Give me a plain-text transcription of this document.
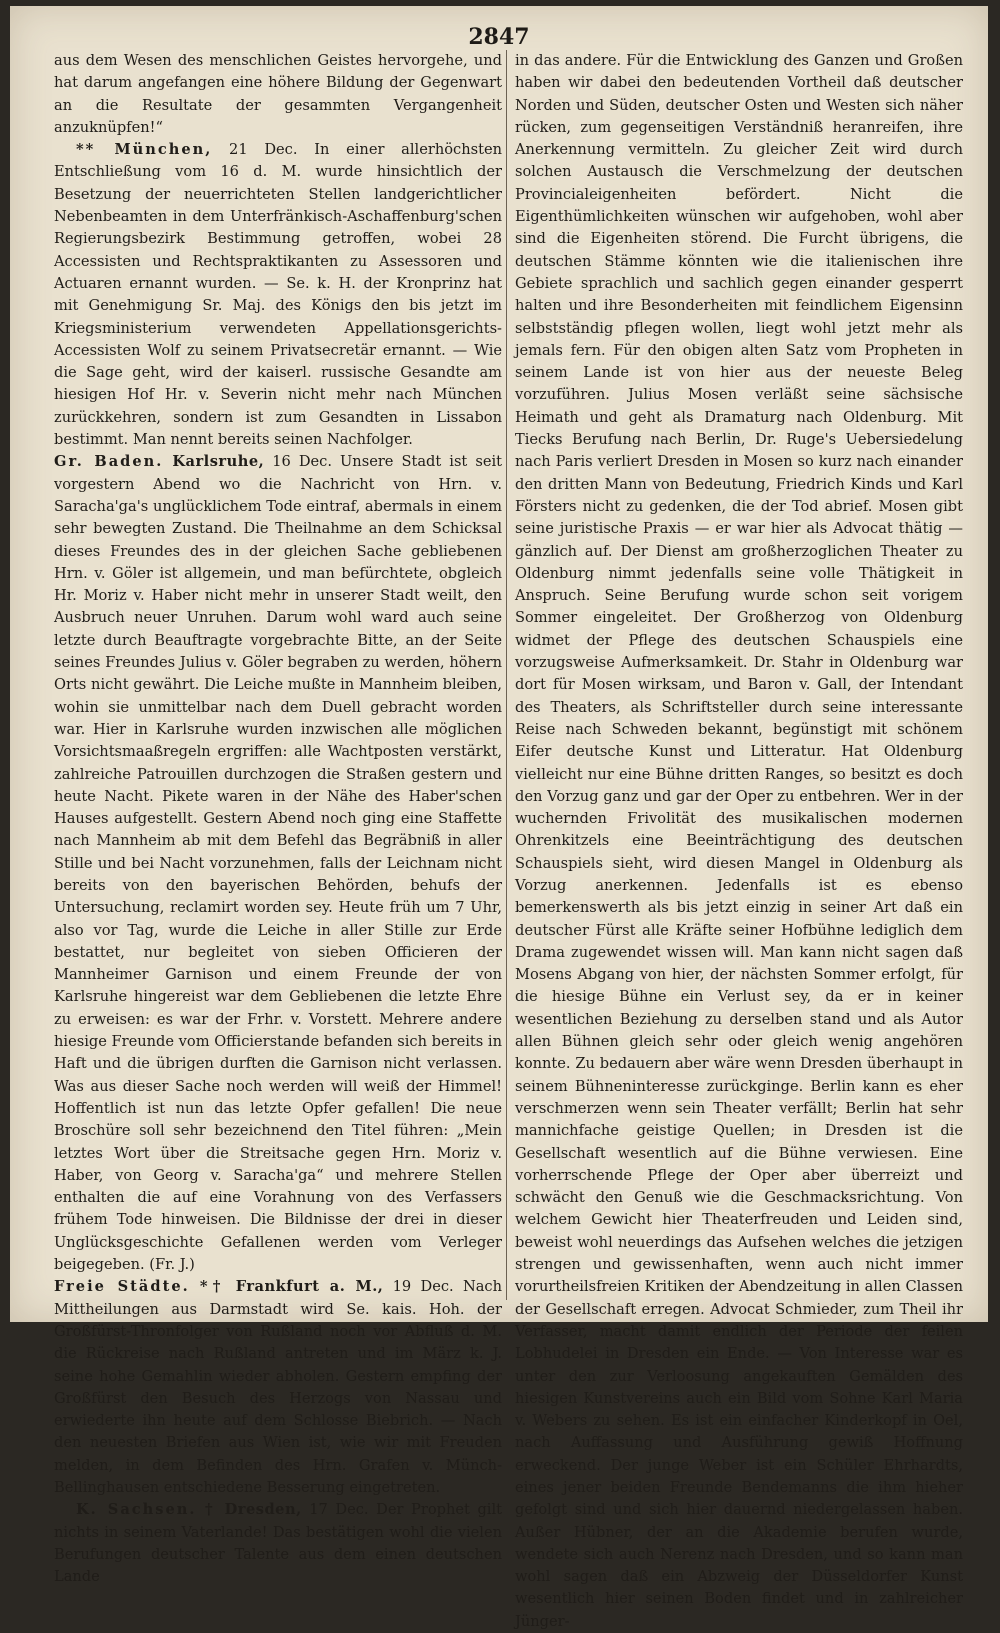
2847

aus dem Wesen des menschlichen Geistes hervorgehe, und hat darum angefangen eine höhere Bildung der Gegenwart an die Resultate der gesammten Vergangenheit anzuknüpfen!“

** München, 21 Dec. In einer allerhöchsten Entschließung vom 16 d. M. wurde hinsichtlich der Besetzung der neuerrichteten Stellen landgerichtlicher Nebenbeamten in dem Unterfränkisch-Aschaffenburg'schen Regierungsbezirk Bestimmung getroffen, wobei 28 Accessisten und Rechtspraktikanten zu Assessoren und Actuaren ernannt wurden. — Se. k. H. der Kronprinz hat mit Genehmigung Sr. Maj. des Königs den bis jetzt im Kriegsministerium verwendeten Appellationsgerichts-Accessisten Wolf zu seinem Privatsecretär ernannt. — Wie die Sage geht, wird der kaiserl. russische Gesandte am hiesigen Hof Hr. v. Severin nicht mehr nach München zurückkehren, sondern ist zum Gesandten in Lissabon bestimmt. Man nennt bereits seinen Nachfolger.

Gr. Baden. Karlsruhe, 16 Dec. Unsere Stadt ist seit vorgestern Abend wo die Nachricht von Hrn. v. Saracha'ga's unglücklichem Tode eintraf, abermals in einem sehr bewegten Zustand. Die Theilnahme an dem Schicksal dieses Freundes des in der gleichen Sache gebliebenen Hrn. v. Göler ist allgemein, und man befürchtete, obgleich Hr. Moriz v. Haber nicht mehr in unserer Stadt weilt, den Ausbruch neuer Unruhen. Darum wohl ward auch seine letzte durch Beauftragte vorgebrachte Bitte, an der Seite seines Freundes Julius v. Göler begraben zu werden, höhern Orts nicht gewährt. Die Leiche mußte in Mannheim bleiben, wohin sie unmittelbar nach dem Duell gebracht worden war. Hier in Karlsruhe wurden inzwischen alle möglichen Vorsichtsmaaßregeln ergriffen: alle Wachtposten verstärkt, zahlreiche Patrouillen durchzogen die Straßen gestern und heute Nacht. Pikete waren in der Nähe des Haber'schen Hauses aufgestellt. Gestern Abend noch ging eine Staffette nach Mannheim ab mit dem Befehl das Begräbniß in aller Stille und bei Nacht vorzunehmen, falls der Leichnam nicht bereits von den bayerischen Behörden, behufs der Untersuchung, reclamirt worden sey. Heute früh um 7 Uhr, also vor Tag, wurde die Leiche in aller Stille zur Erde bestattet, nur begleitet von sieben Officieren der Mannheimer Garnison und einem Freunde der von Karlsruhe hingereist war dem Gebliebenen die letzte Ehre zu erweisen: es war der Frhr. v. Vorstett. Mehrere andere hiesige Freunde vom Officierstande befanden sich bereits in Haft und die übrigen durften die Garnison nicht verlassen. Was aus dieser Sache noch werden will weiß der Himmel! Hoffentlich ist nun das letzte Opfer gefallen! Die neue Broschüre soll sehr bezeichnend den Titel führen: „Mein letztes Wort über die Streitsache gegen Hrn. Moriz v. Haber, von Georg v. Saracha'ga“ und mehrere Stellen enthalten die auf eine Vorahnung von des Verfassers frühem Tode hinweisen. Die Bildnisse der drei in dieser Unglücksgeschichte Gefallenen werden vom Verleger beigegeben. (Fr. J.)

Freie Städte. *† Frankfurt a. M., 19 Dec. Nach Mittheilungen aus Darmstadt wird Se. kais. Hoh. der Großfürst-Thronfolger von Rußland noch vor Abfluß d. M. die Rückreise nach Rußland antreten und im März k. J. seine hohe Gemahlin wieder abholen. Gestern empfing der Großfürst den Besuch des Herzogs von Nassau und erwiederte ihn heute auf dem Schlosse Biebrich. — Nach den neuesten Briefen aus Wien ist, wie wir mit Freuden melden, in dem Befinden des Hrn. Grafen v. Münch-Bellinghausen entschiedene Besserung eingetreten.

K. Sachsen. † Dresden, 17 Dec. Der Prophet gilt nichts in seinem Vaterlande! Das bestätigen wohl die vielen Berufungen deutscher Talente aus dem einen deutschen Lande

in das andere. Für die Entwicklung des Ganzen und Großen haben wir dabei den bedeutenden Vortheil daß deutscher Norden und Süden, deutscher Osten und Westen sich näher rücken, zum gegenseitigen Verständniß heranreifen, ihre Anerkennung vermitteln. Zu gleicher Zeit wird durch solchen Austausch die Verschmelzung der deutschen Provincialeigenheiten befördert. Nicht die Eigenthümlichkeiten wünschen wir aufgehoben, wohl aber sind die Eigenheiten störend. Die Furcht übrigens, die deutschen Stämme könnten wie die italienischen ihre Gebiete sprachlich und sachlich gegen einander gesperrt halten und ihre Besonderheiten mit feindlichem Eigensinn selbstständig pflegen wollen, liegt wohl jetzt mehr als jemals fern. Für den obigen alten Satz vom Propheten in seinem Lande ist von hier aus der neueste Beleg vorzuführen. Julius Mosen verläßt seine sächsische Heimath und geht als Dramaturg nach Oldenburg. Mit Tiecks Berufung nach Berlin, Dr. Ruge's Uebersiedelung nach Paris verliert Dresden in Mosen so kurz nach einander den dritten Mann von Bedeutung, Friedrich Kinds und Karl Försters nicht zu gedenken, die der Tod abrief. Mosen gibt seine juristische Praxis — er war hier als Advocat thätig — gänzlich auf. Der Dienst am großherzoglichen Theater zu Oldenburg nimmt jedenfalls seine volle Thätigkeit in Anspruch. Seine Berufung wurde schon seit vorigem Sommer eingeleitet. Der Großherzog von Oldenburg widmet der Pflege des deutschen Schauspiels eine vorzugsweise Aufmerksamkeit. Dr. Stahr in Oldenburg war dort für Mosen wirksam, und Baron v. Gall, der Intendant des Theaters, als Schriftsteller durch seine interessante Reise nach Schweden bekannt, begünstigt mit schönem Eifer deutsche Kunst und Litteratur. Hat Oldenburg vielleicht nur eine Bühne dritten Ranges, so besitzt es doch den Vorzug ganz und gar der Oper zu entbehren. Wer in der wuchernden Frivolität des musikalischen modernen Ohrenkitzels eine Beeinträchtigung des deutschen Schauspiels sieht, wird diesen Mangel in Oldenburg als Vorzug anerkennen. Jedenfalls ist es ebenso bemerkenswerth als bis jetzt einzig in seiner Art daß ein deutscher Fürst alle Kräfte seiner Hofbühne lediglich dem Drama zugewendet wissen will. Man kann nicht sagen daß Mosens Abgang von hier, der nächsten Sommer erfolgt, für die hiesige Bühne ein Verlust sey, da er in keiner wesentlichen Beziehung zu derselben stand und als Autor allen Bühnen gleich sehr oder gleich wenig angehören konnte. Zu bedauern aber wäre wenn Dresden überhaupt in seinem Bühneninteresse zurückginge. Berlin kann es eher verschmerzen wenn sein Theater verfällt; Berlin hat sehr mannichfache geistige Quellen; in Dresden ist die Gesellschaft wesentlich auf die Bühne verwiesen. Eine vorherrschende Pflege der Oper aber überreizt und schwächt den Genuß wie die Geschmacksrichtung. Von welchem Gewicht hier Theaterfreuden und Leiden sind, beweist wohl neuerdings das Aufsehen welches die jetzigen strengen und gewissenhaften, wenn auch nicht immer vorurtheilsfreien Kritiken der Abendzeitung in allen Classen der Gesellschaft erregen. Advocat Schmieder, zum Theil ihr Verfasser, macht damit endlich der Periode der feilen Lobhudelei in Dresden ein Ende. — Von Interesse war es unter den zur Verloosung angekauften Gemälden des hiesigen Kunstvereins auch ein Bild vom Sohne Karl Maria v. Webers zu sehen. Es ist ein einfacher Kinderkopf in Oel, nach Auffassung und Ausführung gewiß Hoffnung erweckend. Der junge Weber ist ein Schüler Ehrhardts, eines jener beiden Freunde Bendemanns die ihm hieher gefolgt sind und sich hier dauernd niedergelassen haben. Außer Hübner, der an die Akademie berufen wurde, wendete sich auch Nerenz nach Dresden, und so kann man wohl sagen daß ein Abzweig der Düsseldorfer Kunst wesentlich hier seinen Boden findet und in zahlreicher Jünger-
